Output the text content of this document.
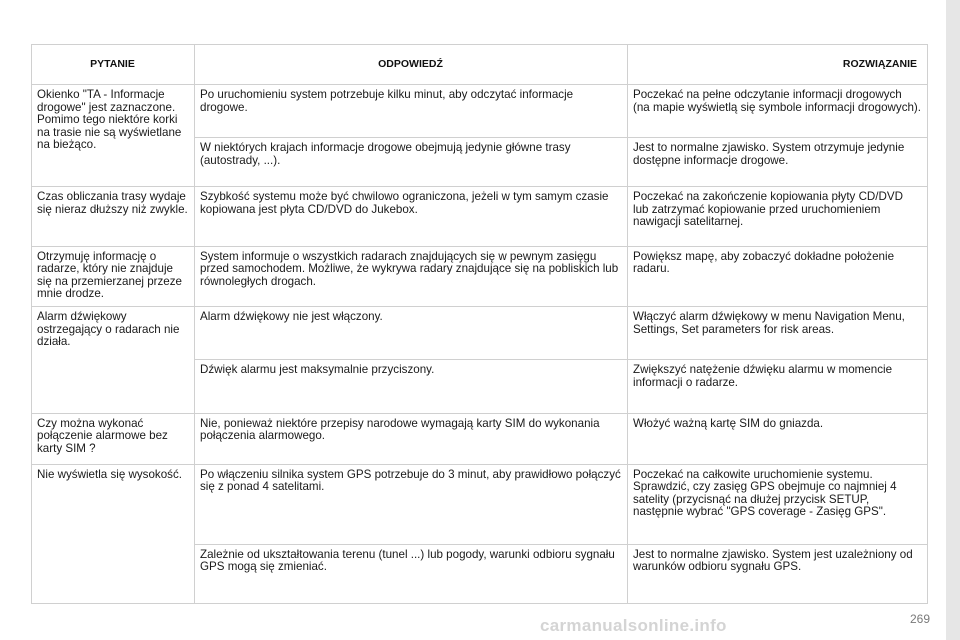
PYTANIE	ODPOWIEDŹ	ROZWIĄZANIE
Okienko "TA - Informacje drogowe" jest zaznaczone. Pomimo tego niektóre korki na trasie nie są wyświetlane na bieżąco.	Po uruchomieniu system potrzebuje kilku minut, aby odczytać informacje drogowe.	Poczekać na pełne odczytanie informacji drogowych (na mapie wyświetlą się symbole informacji drogowych).
	W niektórych krajach informacje drogowe obejmują jedynie główne trasy (autostrady, ...).	Jest to normalne zjawisko. System otrzymuje jedynie dostępne informacje drogowe.
Czas obliczania trasy wydaje się nieraz dłuższy niż zwykle.	Szybkość systemu może być chwilowo ograniczona, jeżeli w tym samym czasie kopiowana jest płyta CD/DVD do Jukebox.	Poczekać na zakończenie kopiowania płyty CD/DVD lub zatrzymać kopiowanie przed uruchomieniem nawigacji satelitarnej.
Otrzymuję informację o radarze, który nie znajduje się na przemierzanej przeze mnie drodze.	System informuje o wszystkich radarach znajdujących się w pewnym zasięgu przed samochodem. Możliwe, że wykrywa radary znajdujące się na pobliskich lub równoległych drogach.	Powiększ mapę, aby zobaczyć dokładne położenie radaru.
Alarm dźwiękowy ostrzegający o radarach nie działa.	Alarm dźwiękowy nie jest włączony.	Włączyć alarm dźwiękowy w menu Navigation Menu, Settings, Set parameters for risk areas.
	Dźwięk alarmu jest maksymalnie przyciszony.	Zwiększyć natężenie dźwięku alarmu w momencie informacji o radarze.
Czy można wykonać połączenie alarmowe bez karty SIM ?	Nie, ponieważ niektóre przepisy narodowe wymagają karty SIM do wykonania połączenia alarmowego.	Włożyć ważną kartę SIM do gniazda.
Nie wyświetla się wysokość.	Po włączeniu silnika system GPS potrzebuje do 3 minut, aby prawidłowo połączyć się z ponad 4 satelitami.	Poczekać na całkowite uruchomienie systemu. Sprawdzić, czy zasięg GPS obejmuje co najmniej 4 satelity (przycisnąć na dłużej przycisk SETUP, następnie wybrać "GPS coverage - Zasięg GPS".
	Zależnie od ukształtowania terenu (tunel ...) lub pogody, warunki odbioru sygnału GPS mogą się zmieniać.	Jest to normalne zjawisko. System jest uzależniony od warunków odbioru sygnału GPS.
carmanualsonline.info	269
